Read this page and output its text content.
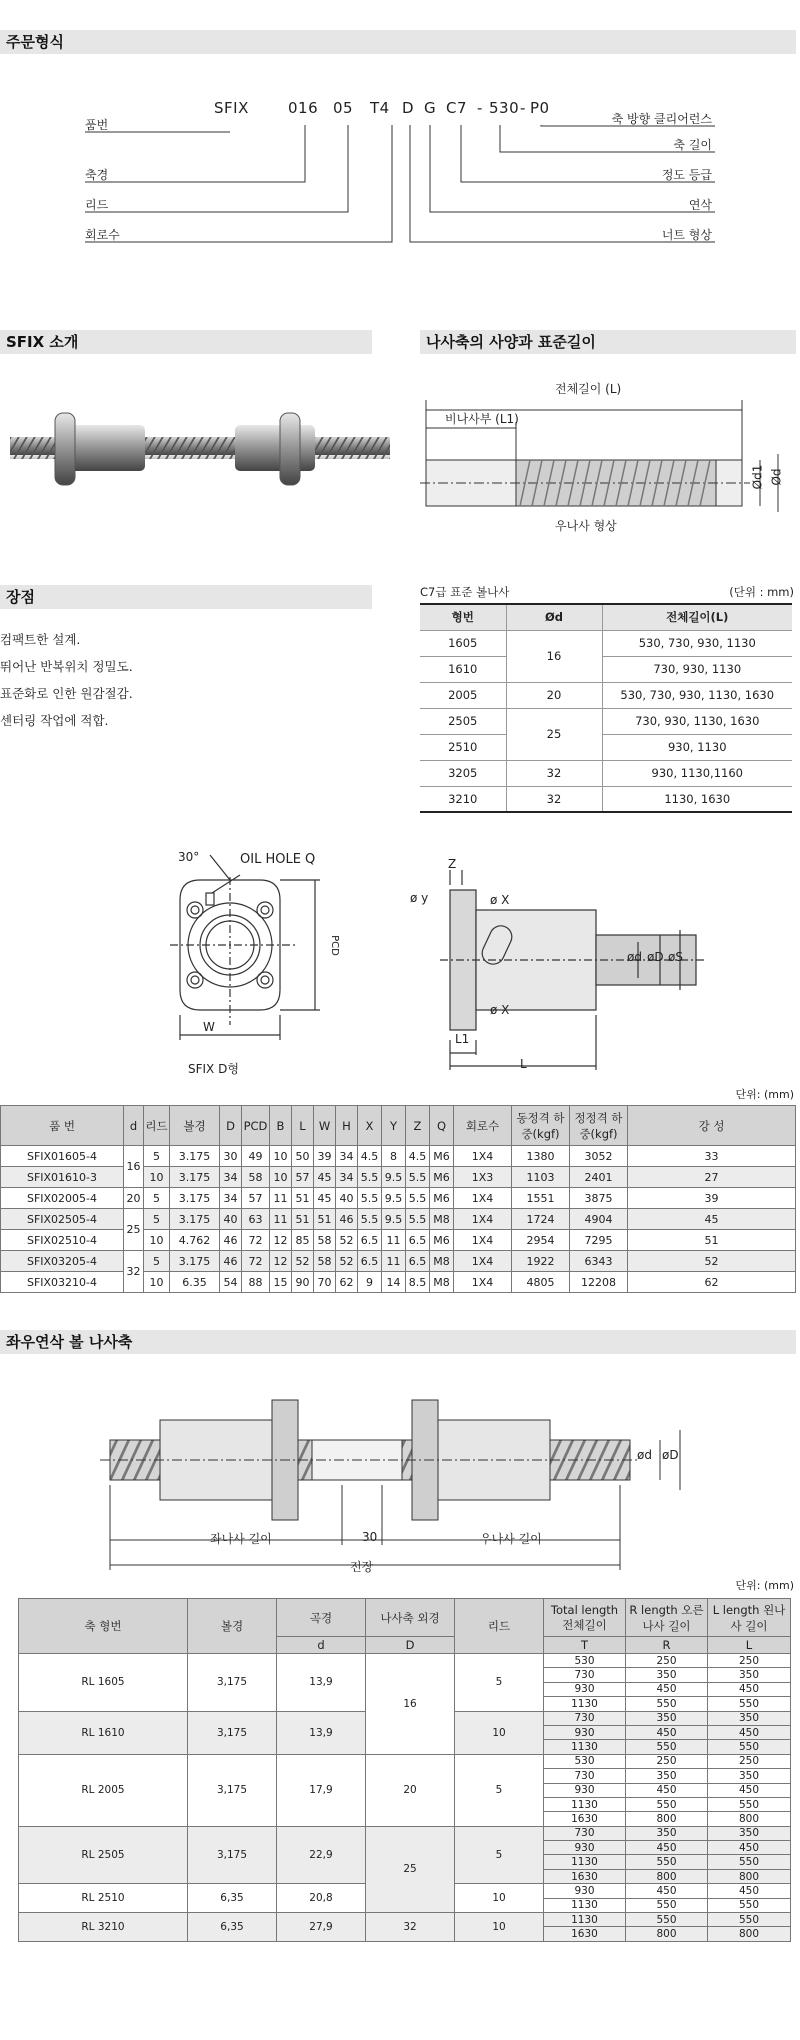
주문형식
SFIX	016 05 T4 D G C7 - 530 - P0
품번
축경
리드
회로수
축 방향 클리어런스
축 길이
정도 등급
연삭
너트 형상
SFIX 소개	나사축의 사양과 표준길이
전체길이 (L)
비나사부 (L1)
Ød1 Ød
우나사 형상
장점
컴팩트한 설계.
뛰어난 반복위치 정밀도.
표준화로 인한 원감절감.
센터링 작업에 적합.
C7급 표준 볼나사	(단위 : mm)
형번	Ød	전체길이(L)
1605	16	530, 730, 930, 1130
1610		730, 930, 1130
2005	20	530, 730, 930, 1130, 1630
2505	25	730, 930, 1130, 1630
2510		930, 1130
3205	32	930, 1130,1160
3210	32	1130, 1630
30°	OIL HOLE Q
PCD
W
SFIX D형
Z
ø y	ø X
ø X
ød øD øS
L1
L
단위: (mm)
품 번	d	리드	볼경	D	PCD	B	L	W	H	X	Y	Z	Q	회로수	동정격 하중(kgf)	정정격 하중(kgf)	강 성
SFIX01605-4	16	5	3.175	30	49	10	50	39	34	4.5	8	4.5	M6	1X4	1380	3052	33
SFIX01610-3		10	3.175	34	58	10	57	45	34	5.5	9.5	5.5	M6	1X3	1103	2401	27
SFIX02005-4	20	5	3.175	34	57	11	51	45	40	5.5	9.5	5.5	M6	1X4	1551	3875	39
SFIX02505-4	25	5	3.175	40	63	11	51	51	46	5.5	9.5	5.5	M8	1X4	1724	4904	45
SFIX02510-4		10	4.762	46	72	12	85	58	52	6.5	11	6.5	M6	1X4	2954	7295	51
SFIX03205-4	32	5	3.175	46	72	12	52	58	52	6.5	11	6.5	M8	1X4	1922	6343	52
SFIX03210-4		10	6.35	54	88	15	90	70	62	9	14	8.5	M8	1X4	4805	12208	62
좌우연삭 볼 나사축
좌나사 길이	30	우나사 길이
전장
ød øD
단위: (mm)
축 형번	볼경	곡경	나사축 외경	리드	Total length 전체길이	R length 오른나사 길이	L length 왼나사 길이
		d	D		T	R	L
RL 1605	3,175	13,9	16	5	530	250	250
					730	350	350
					930	450	450
					1130	550	550
RL 1610	3,175	13,9		10	730	350	350
					930	450	450
					1130	550	550
RL 2005	3,175	17,9	20	5	530	250	250
					730	350	350
					930	450	450
					1130	550	550
					1630	800	800
RL 2505	3,175	22,9	25	5	730	350	350
					930	450	450
					1130	550	550
					1630	800	800
RL 2510	6,35	20,8		10	930	450	450
					1130	550	550
RL 3210	6,35	27,9	32	10	1130	550	550
					1630	800	800
